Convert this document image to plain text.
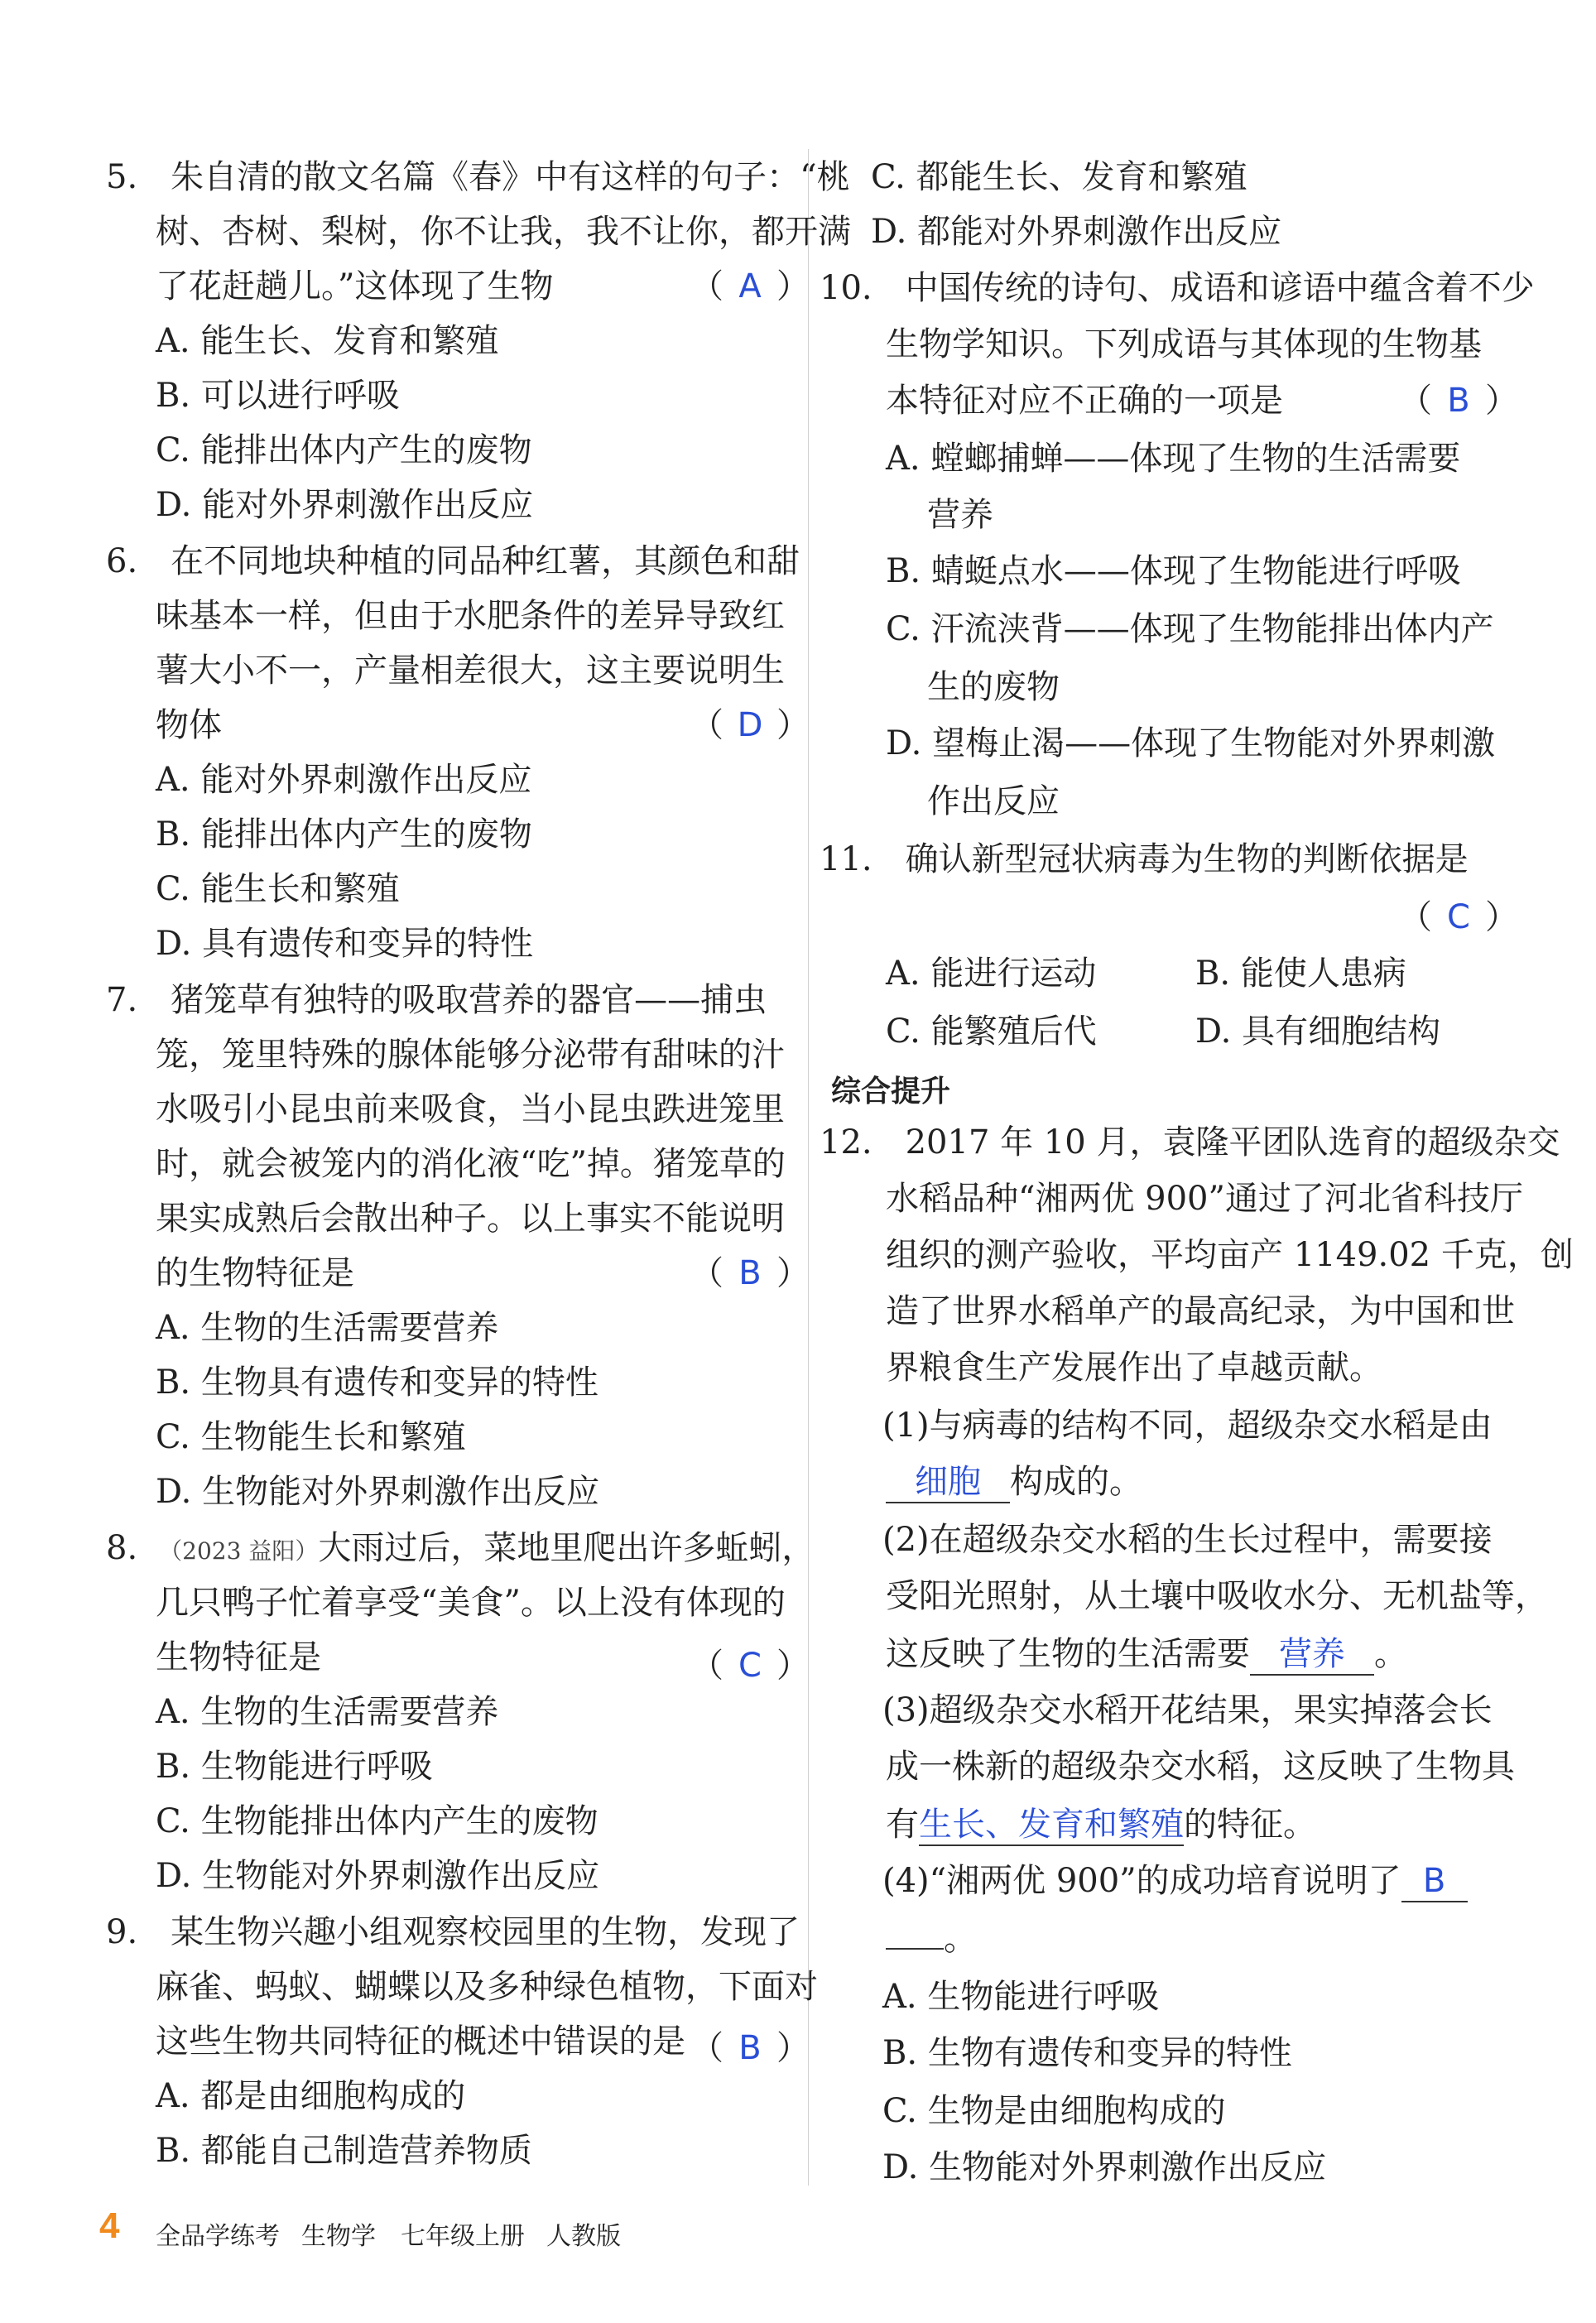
5.　朱自清的散文名篇《春》中有这样的句子：“桃
树、杏树、梨树，你不让我，我不让你，都开满
了花赶趟儿。”这体现了生物	（ A ）
A. 能生长、发育和繁殖
B. 可以进行呼吸
C. 能排出体内产生的废物
D. 能对外界刺激作出反应
6.　在不同地块种植的同品种红薯，其颜色和甜
味基本一样，但由于水肥条件的差异导致红
薯大小不一，产量相差很大，这主要说明生
物体	（ D ）
A. 能对外界刺激作出反应
B. 能排出体内产生的废物
C. 能生长和繁殖
D. 具有遗传和变异的特性
7.　猪笼草有独特的吸取营养的器官——捕虫
笼，笼里特殊的腺体能够分泌带有甜味的汁
水吸引小昆虫前来吸食，当小昆虫跌进笼里
时，就会被笼内的消化液“吃”掉。猪笼草的
果实成熟后会散出种子。以上事实不能说明
的生物特征是	（ B ）
A. 生物的生活需要营养
B. 生物具有遗传和变异的特性
C. 生物能生长和繁殖
D. 生物能对外界刺激作出反应
8.　（2023 益阳）大雨过后，菜地里爬出许多蚯蚓，
几只鸭子忙着享受“美食”。以上没有体现的
生物特征是	（ C ）
A. 生物的生活需要营养
B. 生物能进行呼吸
C. 生物能排出体内产生的废物
D. 生物能对外界刺激作出反应
9.　某生物兴趣小组观察校园里的生物，发现了
麻雀、蚂蚁、蝴蝶以及多种绿色植物，下面对
这些生物共同特征的概述中错误的是 （ B ）
A. 都是由细胞构成的
B. 都能自己制造营养物质
C. 都能生长、发育和繁殖
D. 都能对外界刺激作出反应
10.　中国传统的诗句、成语和谚语中蕴含着不少
生物学知识。下列成语与其体现的生物基
本特征对应不正确的一项是	（ B ）
A. 螳螂捕蝉——体现了生物的生活需要
营养
B. 蜻蜓点水——体现了生物能进行呼吸
C. 汗流浃背——体现了生物能排出体内产
生的废物
D. 望梅止渴——体现了生物能对外界刺激
作出反应
11.　确认新型冠状病毒为生物的判断依据是
（ C ）
A. 能进行运动	B. 能使人患病
C. 能繁殖后代	D. 具有细胞结构
综合提升
12.　2017 年 10 月，袁隆平团队选育的超级杂交
水稻品种“湘两优 900”通过了河北省科技厅
组织的测产验收，平均亩产 1149.02 千克，创
造了世界水稻单产的最高纪录，为中国和世
界粮食生产发展作出了卓越贡献。
(1)与病毒的结构不同，超级杂交水稻是由
细胞 构成的。
(2)在超级杂交水稻的生长过程中，需要接
受阳光照射，从土壤中吸收水分、无机盐等，
这反映了生物的生活需要 营养 。
(3)超级杂交水稻开花结果，果实掉落会长
成一株新的超级杂交水稻，这反映了生物具
有生长、发育和繁殖的特征。
(4)“湘两优 900”的成功培育说明了 B
。
A. 生物能进行呼吸
B. 生物有遗传和变异的特性
C. 生物是由细胞构成的
D. 生物能对外界刺激作出反应
4 全品学练考 生物学 七年级上册 人教版
